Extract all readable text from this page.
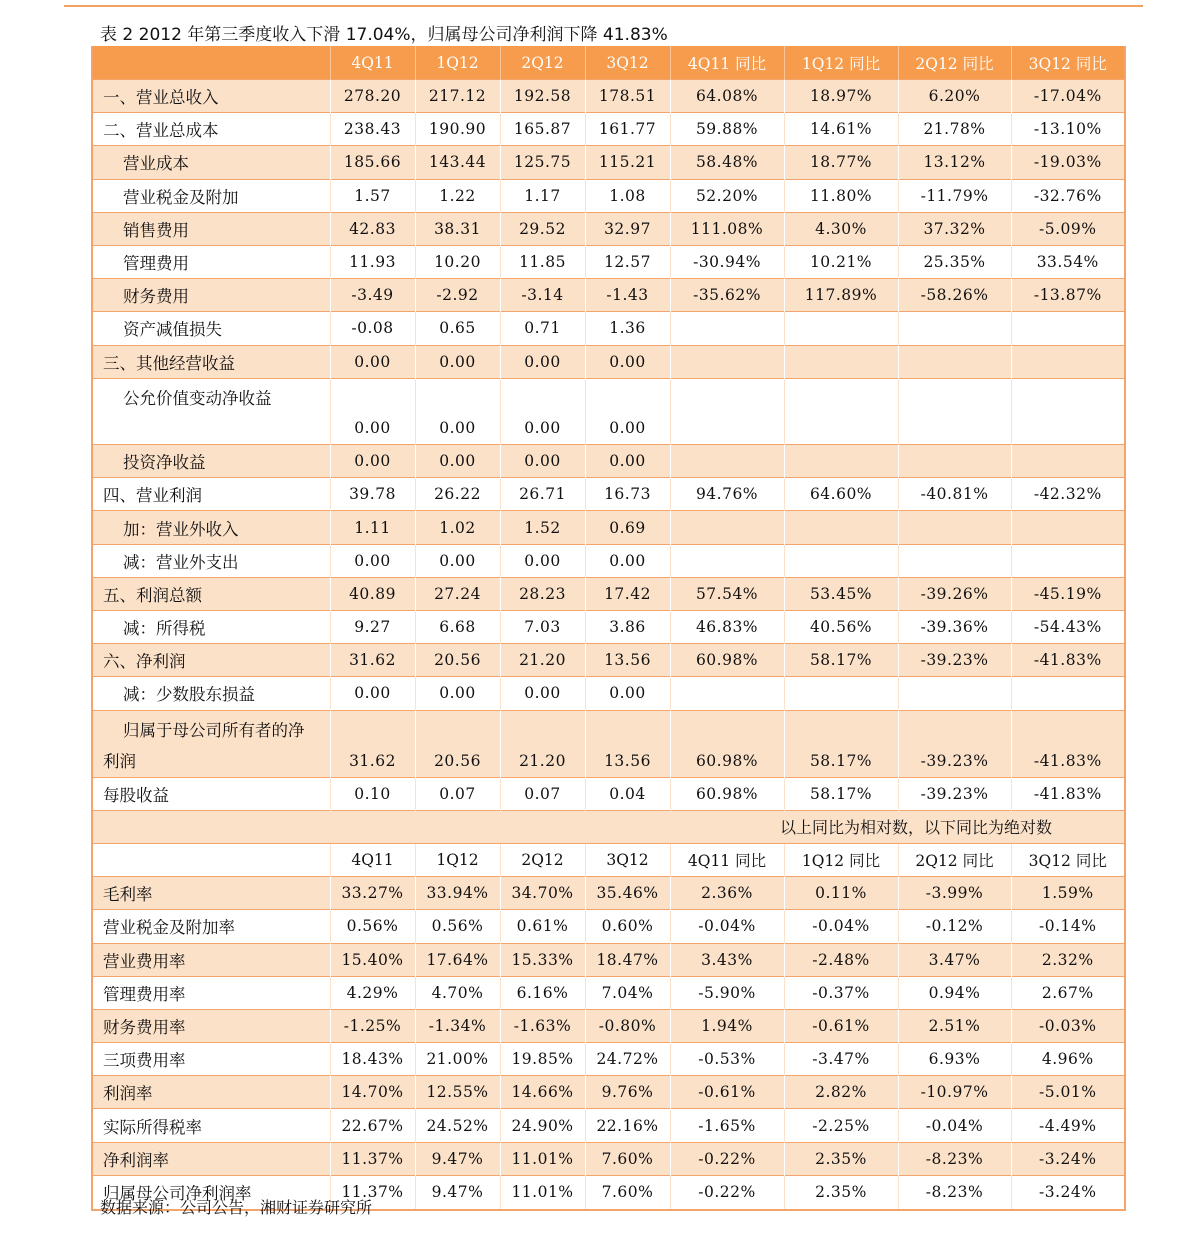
表 2 2012 年第三季度收入下滑 17.04%，归属母公司净利润下降 41.83%
	4Q11	1Q12	2Q12	3Q12	4Q11 同比	1Q12 同比	2Q12 同比	3Q12 同比
一、营业总收入	278.20	217.12	192.58	178.51	64.08%	18.97%	6.20%	-17.04%
二、营业总成本	238.43	190.90	165.87	161.77	59.88%	14.61%	21.78%	-13.10%
营业成本	185.66	143.44	125.75	115.21	58.48%	18.77%	13.12%	-19.03%
营业税金及附加	1.57	1.22	1.17	1.08	52.20%	11.80%	-11.79%	-32.76%
销售费用	42.83	38.31	29.52	32.97	111.08%	4.30%	37.32%	-5.09%
管理费用	11.93	10.20	11.85	12.57	-30.94%	10.21%	25.35%	33.54%
财务费用	-3.49	-2.92	-3.14	-1.43	-35.62%	117.89%	-58.26%	-13.87%
资产减值损失	-0.08	0.65	0.71	1.36				
三、其他经营收益	0.00	0.00	0.00	0.00				
公允价值变动净收益	0.00	0.00	0.00	0.00				
投资净收益	0.00	0.00	0.00	0.00				
四、营业利润	39.78	26.22	26.71	16.73	94.76%	64.60%	-40.81%	-42.32%
加：营业外收入	1.11	1.02	1.52	0.69				
减：营业外支出	0.00	0.00	0.00	0.00				
五、利润总额	40.89	27.24	28.23	17.42	57.54%	53.45%	-39.26%	-45.19%
减：所得税	9.27	6.68	7.03	3.86	46.83%	40.56%	-39.36%	-54.43%
六、净利润	31.62	20.56	21.20	13.56	60.98%	58.17%	-39.23%	-41.83%
减：少数股东损益	0.00	0.00	0.00	0.00				

归属于母公司所有者的净
利润	31.62	20.56	21.20	13.56	60.98%	58.17%	-39.23%	-41.83%
每股收益	0.10	0.07	0.07	0.04	60.98%	58.17%	-39.23%	-41.83%
以上同比为相对数，以下同比为绝对数								
	4Q11	1Q12	2Q12	3Q12	4Q11 同比	1Q12 同比	2Q12 同比	3Q12 同比
毛利率	33.27%	33.94%	34.70%	35.46%	2.36%	0.11%	-3.99%	1.59%
营业税金及附加率	0.56%	0.56%	0.61%	0.60%	-0.04%	-0.04%	-0.12%	-0.14%
营业费用率	15.40%	17.64%	15.33%	18.47%	3.43%	-2.48%	3.47%	2.32%
管理费用率	4.29%	4.70%	6.16%	7.04%	-5.90%	-0.37%	0.94%	2.67%
财务费用率	-1.25%	-1.34%	-1.63%	-0.80%	1.94%	-0.61%	2.51%	-0.03%
三项费用率	18.43%	21.00%	19.85%	24.72%	-0.53%	-3.47%	6.93%	4.96%
利润率	14.70%	12.55%	14.66%	9.76%	-0.61%	2.82%	-10.97%	-5.01%
实际所得税率	22.67%	24.52%	24.90%	22.16%	-1.65%	-2.25%	-0.04%	-4.49%
净利润率	11.37%	9.47%	11.01%	7.60%	-0.22%	2.35%	-8.23%	-3.24%
归属母公司净利润率	11.37%	9.47%	11.01%	7.60%	-0.22%	2.35%	-8.23%	-3.24%
数据来源：公司公告，湘财证券研究所
